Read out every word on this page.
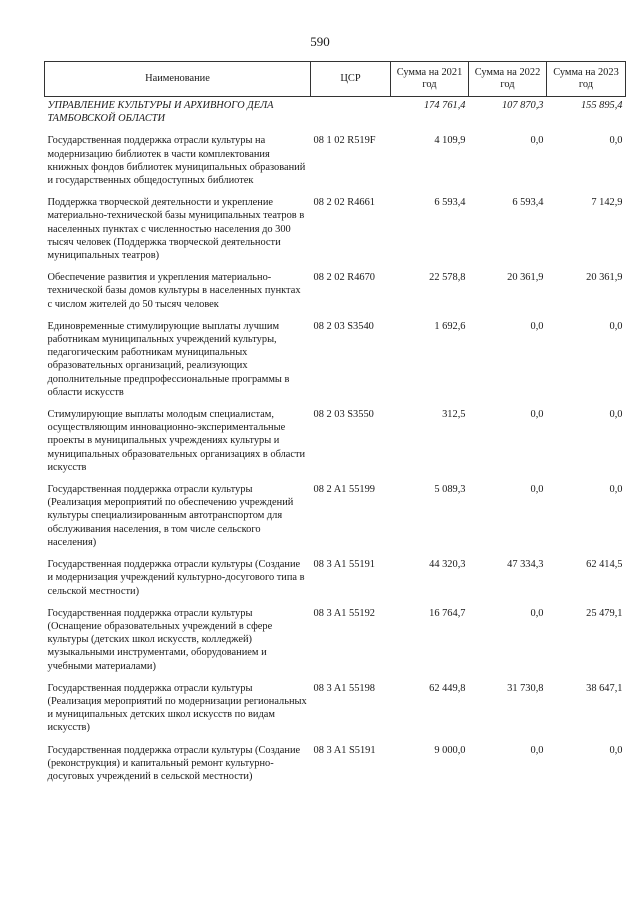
590
Наименование	ЦСР	Сумма на 2021 год	Сумма на 2022 год	Сумма на 2023 год
УПРАВЛЕНИЕ КУЛЬТУРЫ И АРХИВНОГО ДЕЛА ТАМБОВСКОЙ ОБЛАСТИ		174 761,4	107 870,3	155 895,4
Государственная поддержка отрасли культуры на модернизацию библиотек в части комплектования книжных фондов библиотек муниципальных образований и государственных общедоступных библиотек	08 1 02 R519F	4 109,9	0,0	0,0
Поддержка творческой деятельности и укрепление материально-технической базы муниципальных театров в населенных пунктах с численностью населения до 300 тысяч человек (Поддержка творческой деятельности муниципальных театров)	08 2 02 R4661	6 593,4	6 593,4	7 142,9
Обеспечение развития и укрепления материально-технической базы домов культуры в населенных пунктах с числом жителей до 50 тысяч человек	08 2 02 R4670	22 578,8	20 361,9	20 361,9
Единовременные стимулирующие выплаты лучшим работникам муниципальных учреждений культуры, педагогическим работникам муниципальных образовательных организаций, реализующих дополнительные предпрофессиональные программы в области искусств	08 2 03 S3540	1 692,6	0,0	0,0
Стимулирующие выплаты молодым специалистам, осуществляющим инновационно-экспериментальные проекты в муниципальных учреждениях культуры и муниципальных образовательных организациях в области искусств	08 2 03 S3550	312,5	0,0	0,0
Государственная поддержка отрасли культуры (Реализация мероприятий по обеспечению учреждений культуры специализированным автотранспортом для обслуживания населения, в том числе сельского населения)	08 2 A1 55199	5 089,3	0,0	0,0
Государственная поддержка отрасли культуры (Создание и модернизация учреждений культурно-досугового типа в сельской местности)	08 3 A1 55191	44 320,3	47 334,3	62 414,5
Государственная поддержка отрасли культуры (Оснащение образовательных учреждений в сфере культуры (детских школ искусств, колледжей) музыкальными инструментами, оборудованием и учебными материалами)	08 3 A1 55192	16 764,7	0,0	25 479,1
Государственная поддержка отрасли культуры (Реализация мероприятий по модернизации региональных и муниципальных детских школ искусств по видам искусств)	08 3 A1 55198	62 449,8	31 730,8	38 647,1
Государственная поддержка отрасли культуры (Создание (реконструкция) и капитальный ремонт культурно-досуговых учреждений в сельской местности)	08 3 A1 S5191	9 000,0	0,0	0,0
